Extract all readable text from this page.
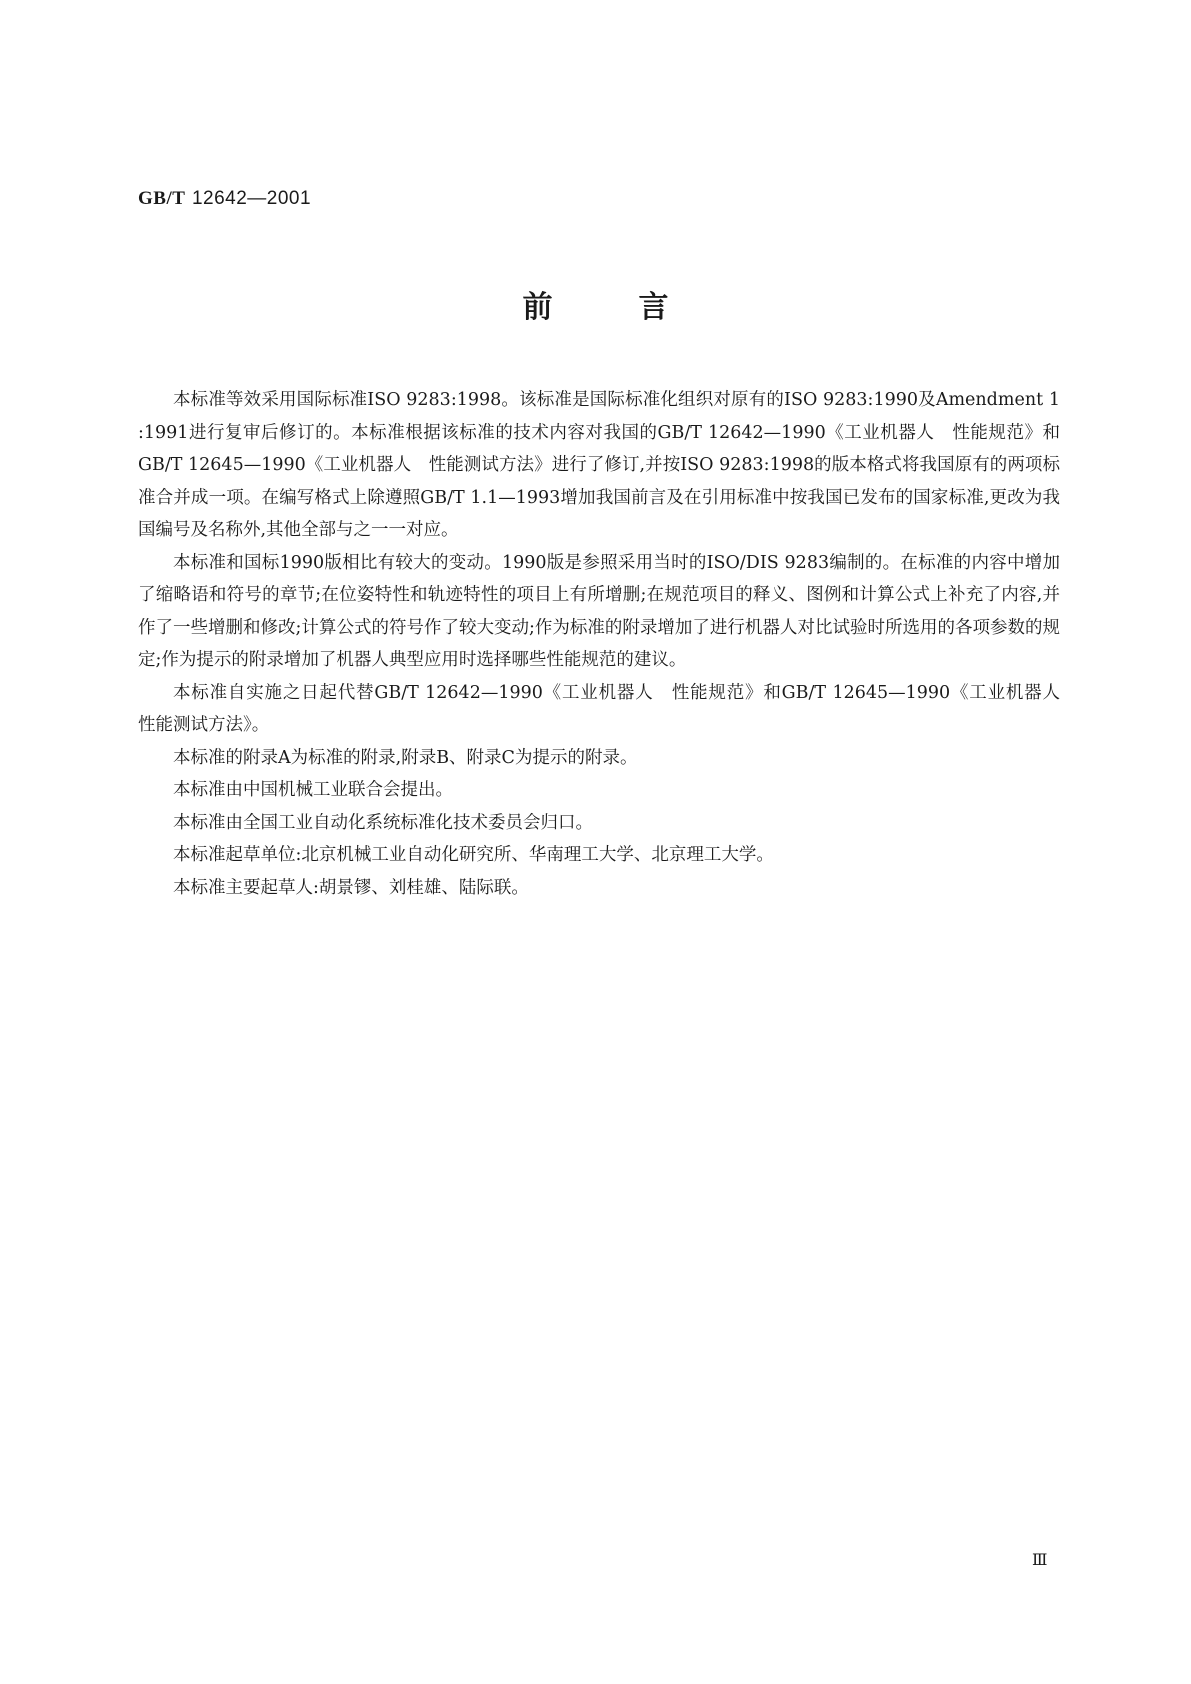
GB/T 12642—2001
前言

本标准等效采用国际标准ISO 9283:1998。该标准是国际标准化组织对原有的ISO 9283:1990及Amendment 1 :1991进行复审后修订的。本标准根据该标准的技术内容对我国的GB/T 12642—1990《工业机器人　性能规范》和GB/T 12645—1990《工业机器人　性能测试方法》进行了修订,并按ISO 9283:1998的版本格式将我国原有的两项标准合并成一项。在编写格式上除遵照GB/T 1.1—1993增加我国前言及在引用标准中按我国已发布的国家标准,更改为我国编号及名称外,其他全部与之一一对应。

本标准和国标1990版相比有较大的变动。1990版是参照采用当时的ISO/DIS 9283编制的。在标准的内容中增加了缩略语和符号的章节;在位姿特性和轨迹特性的项目上有所增删;在规范项目的释义、图例和计算公式上补充了内容,并作了一些增删和修改;计算公式的符号作了较大变动;作为标准的附录增加了进行机器人对比试验时所选用的各项参数的规定;作为提示的附录增加了机器人典型应用时选择哪些性能规范的建议。

本标准自实施之日起代替GB/T 12642—1990《工业机器人　性能规范》和GB/T 12645—1990《工业机器人　性能测试方法》。

本标准的附录A为标准的附录,附录B、附录C为提示的附录。

本标准由中国机械工业联合会提出。

本标准由全国工业自动化系统标准化技术委员会归口。

本标准起草单位:北京机械工业自动化研究所、华南理工大学、北京理工大学。

本标准主要起草人:胡景镠、刘桂雄、陆际联。

Ⅲ
